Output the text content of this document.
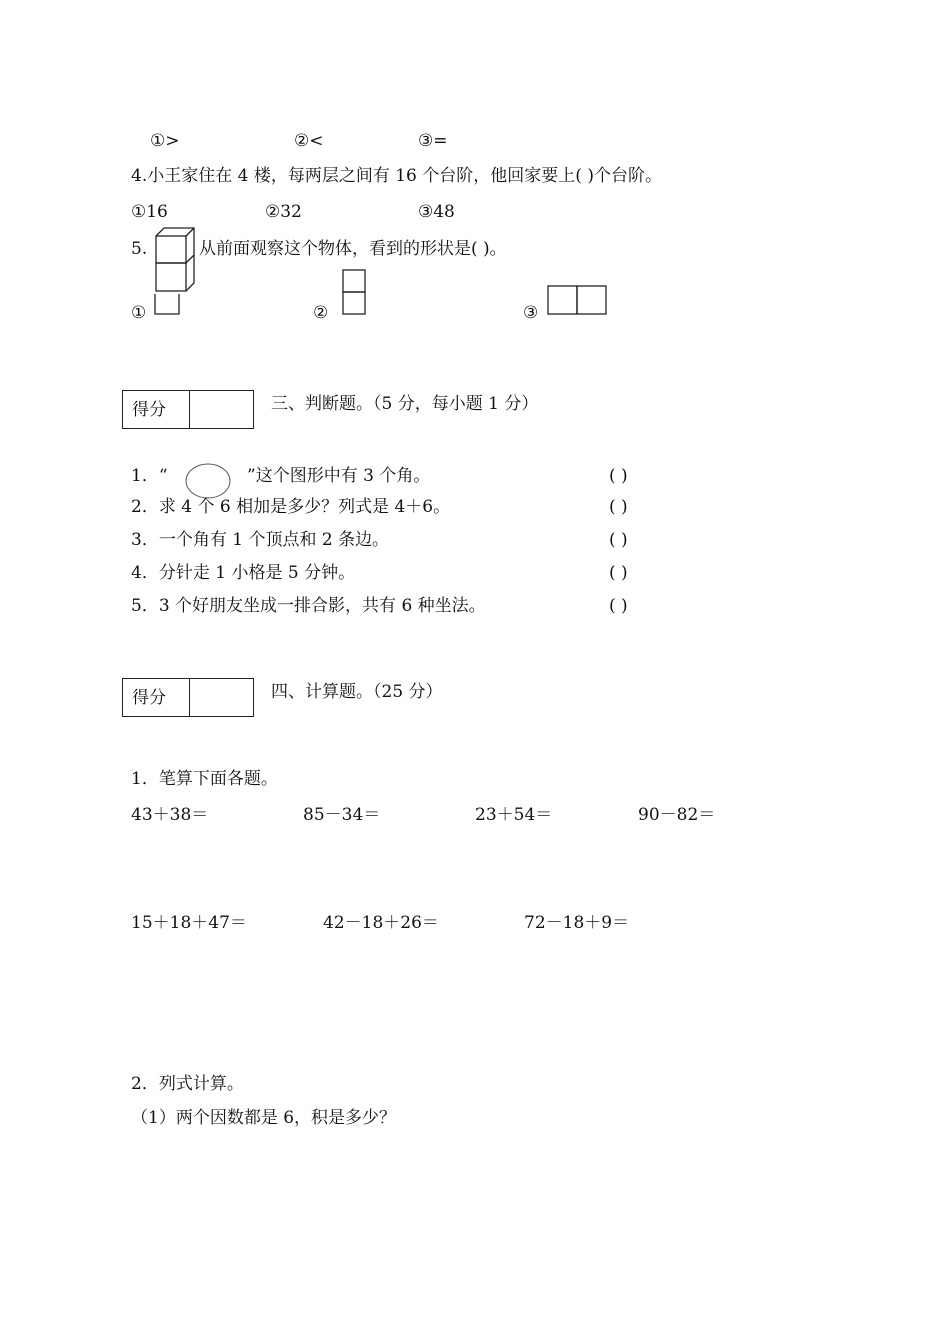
①>	②<	③=
4.小王家住在 4 楼，每两层之间有 16 个台阶，他回家要上( )个台阶。
①16	②32	③48
5.	从前面观察这个物体，看到的形状是( )。
①	②	③
得分	三、判断题。（5 分，每小题 1 分）
1．“	”这个图形中有 3 个角。	( )
2．求 4 个 6 相加是多少？列式是 4＋6。	( )
3．一个角有 1 个顶点和 2 条边。	( )
4．分针走 1 小格是 5 分钟。	( )
5．3 个好朋友坐成一排合影，共有 6 种坐法。	( )
得分	四、计算题。（25 分）
1．笔算下面各题。
43＋38＝	85－34＝	23＋54＝	90－82＝
15＋18＋47＝	42－18＋26＝	72－18＋9＝
2．列式计算。
（1）两个因数都是 6，积是多少？
